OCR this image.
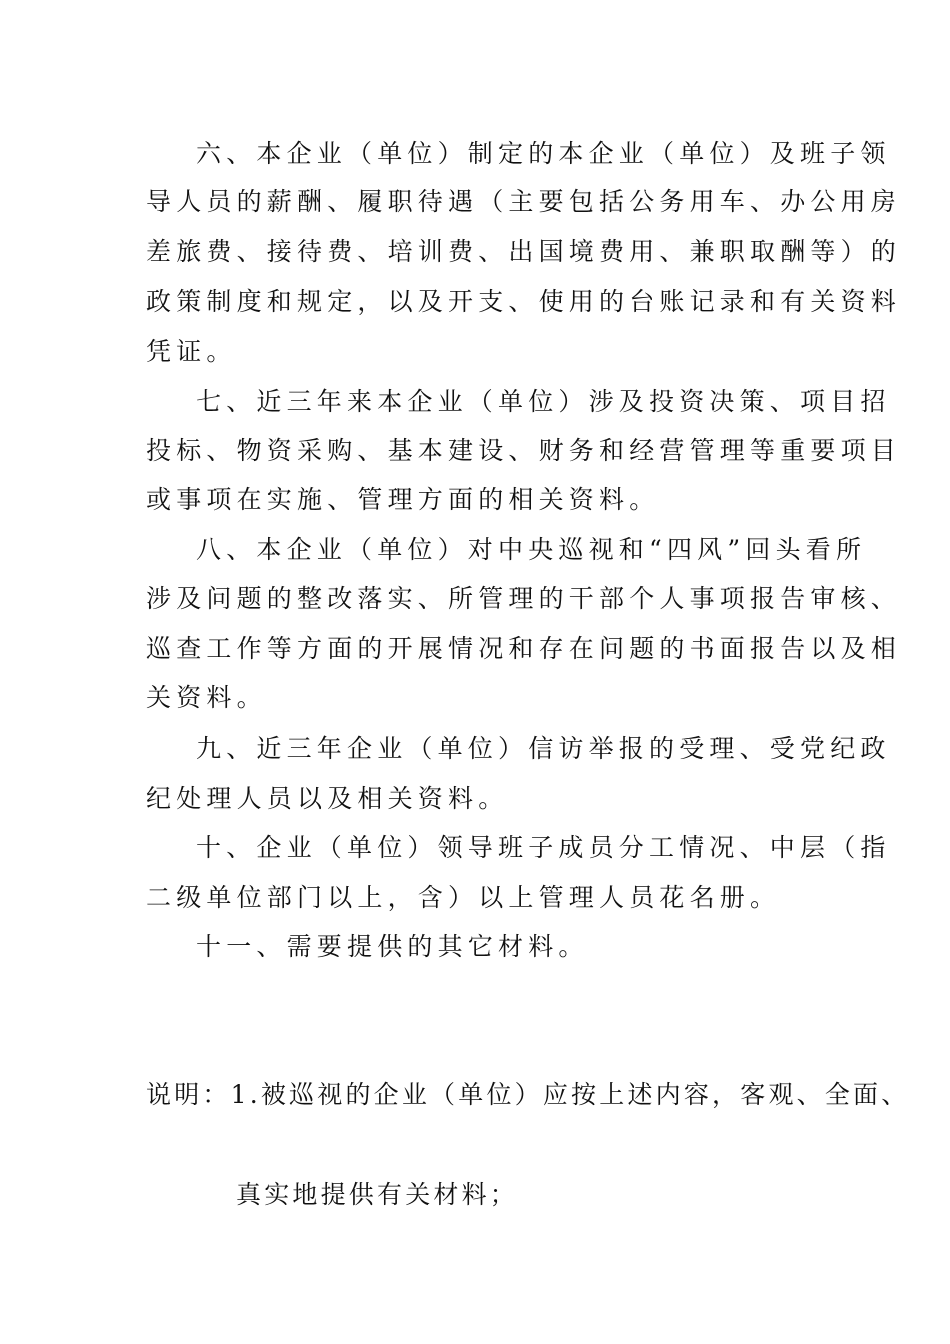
六、本企业（单位）制定的本企业（单位）及班子领
导人员的薪酬、履职待遇（主要包括公务用车、办公用房
差旅费、接待费、培训费、出国境费用、兼职取酬等）的
政策制度和规定，以及开支、使用的台账记录和有关资料
凭证。
七、近三年来本企业（单位）涉及投资决策、项目招
投标、物资采购、基本建设、财务和经营管理等重要项目
或事项在实施、管理方面的相关资料。
八、本企业（单位）对中央巡视和“四风”回头看所
涉及问题的整改落实、所管理的干部个人事项报告审核、
巡查工作等方面的开展情况和存在问题的书面报告以及相
关资料。
九、近三年企业（单位）信访举报的受理、受党纪政
纪处理人员以及相关资料。
十、企业（单位）领导班子成员分工情况、中层（指
二级单位部门以上，含）以上管理人员花名册。
十一、需要提供的其它材料。
说明：1.被巡视的企业（单位）应按上述内容，客观、全面、
真实地提供有关材料；
